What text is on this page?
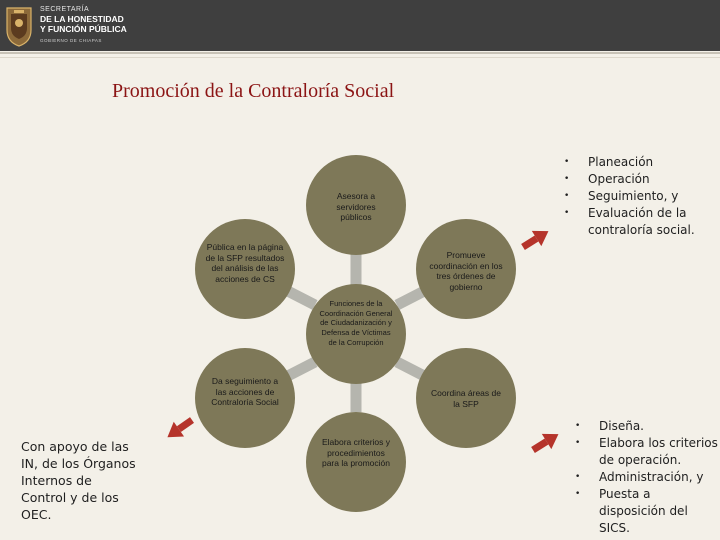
SECRETARÍA
DE LA HONESTIDAD
Y FUNCIÓN PÚBLICA
GOBIERNO DE CHIAPAS
Promoción de la Contraloría Social
Funciones de la Coordinación General de Ciudadanización y Defensa de Víctimas de la Corrupción
Asesora a servidores públicos
Promueve coordinación en los tres órdenes de gobierno
Coordina áreas de la SFP
Elabora criterios y procedimientos para la promoción
Da seguimiento a las acciones de Contraloría Social
Pública en la página de la SFP resultados del análisis de las acciones de CS
• Planeación
• Operación
• Seguimiento, y
• Evaluación de la contraloría social.
• Diseña.
• Elabora los criterios de operación.
• Administración, y
• Puesta a disposición del SICS.
Con apoyo de las IN, de los Órganos Internos de Control y de los OEC.
